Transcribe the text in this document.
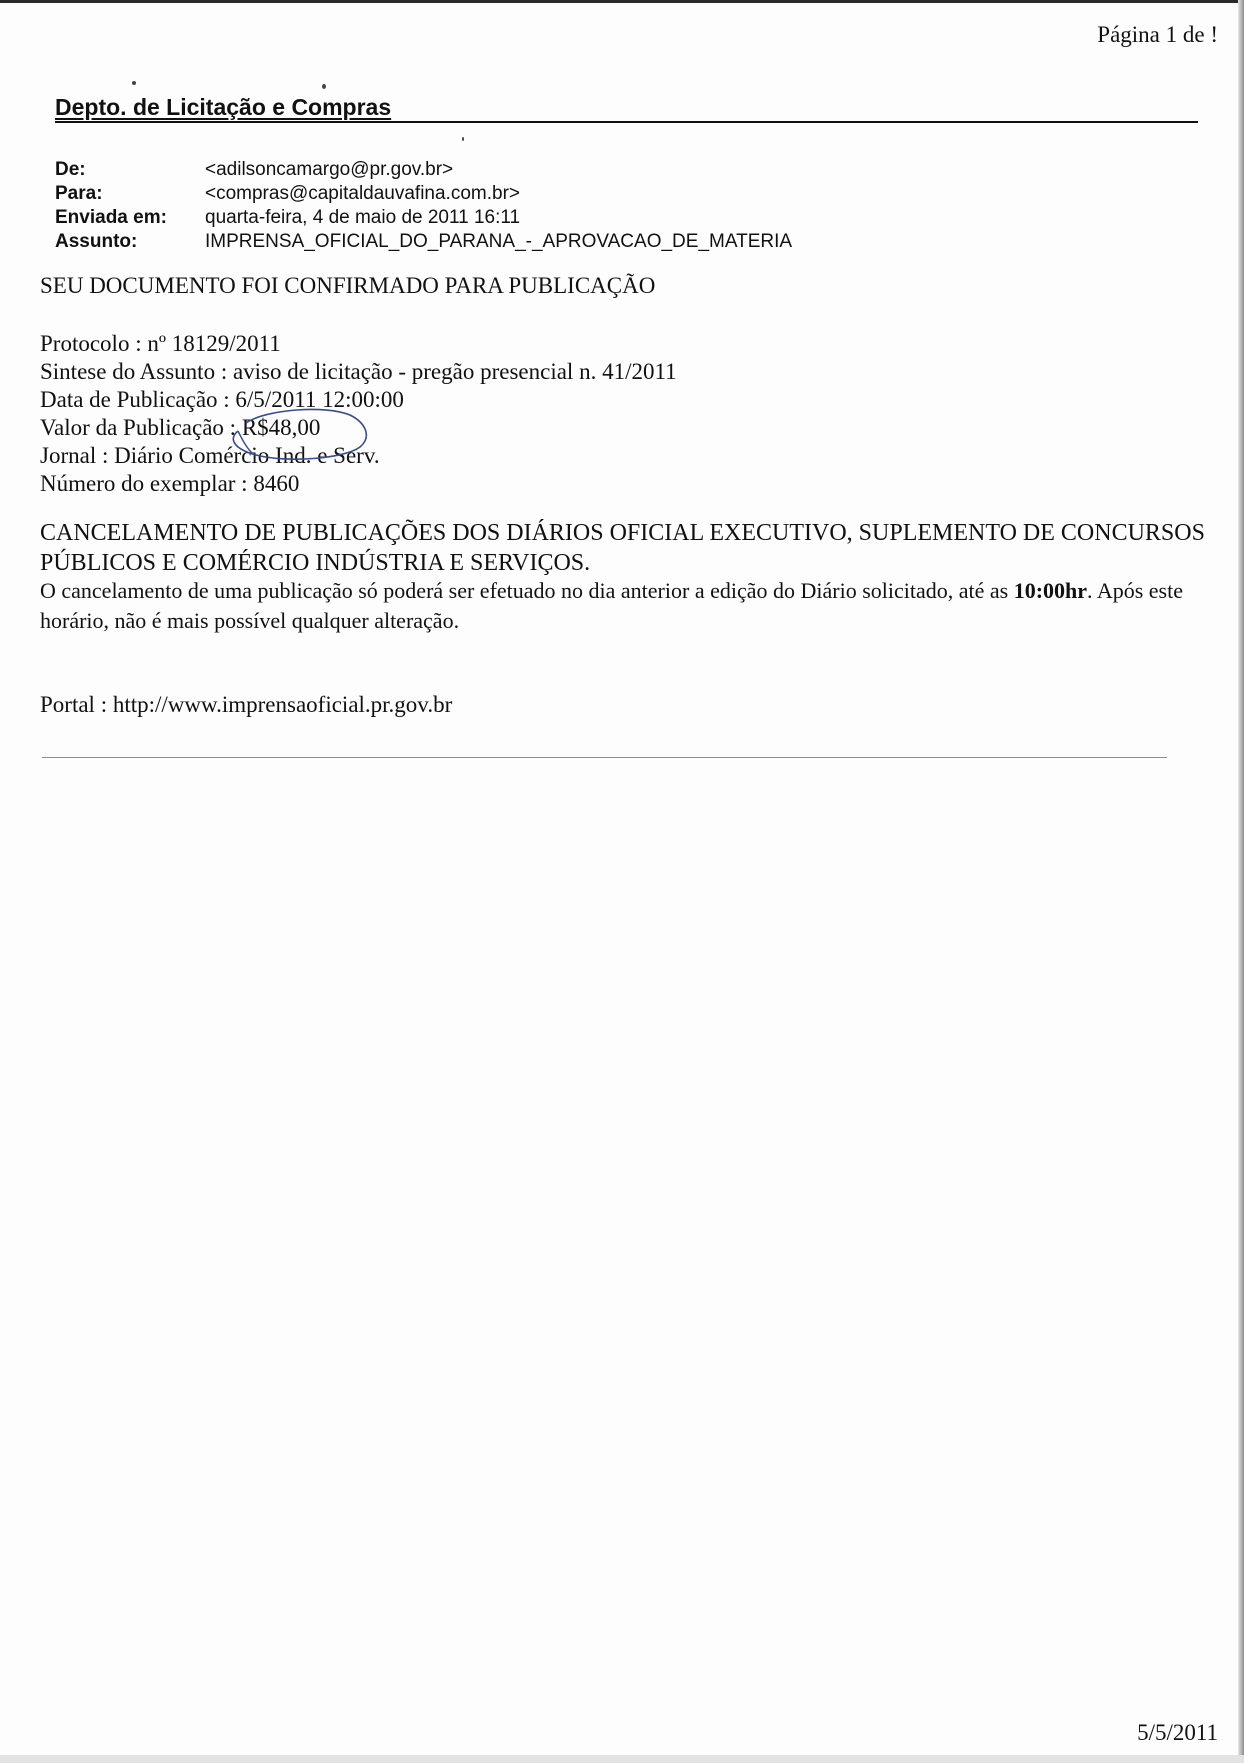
Página 1 de !
Depto. de Licitação e Compras
De:	<adilsoncamargo@pr.gov.br>
Para:	<compras@capitaldauvafina.com.br>
Enviada em:	quarta-feira, 4 de maio de 2011 16:11
Assunto:	IMPRENSA_OFICIAL_DO_PARANA_-_APROVACAO_DE_MATERIA
SEU DOCUMENTO FOI CONFIRMADO PARA PUBLICAÇÃO
Protocolo : nº 18129/2011
Sintese do Assunto : aviso de licitação - pregão presencial n. 41/2011
Data de Publicação : 6/5/2011 12:00:00
Valor da Publicação : R$48,00
Jornal : Diário Comércio Ind. e Serv.
Número do exemplar : 8460
CANCELAMENTO DE PUBLICAÇÕES DOS DIÁRIOS OFICIAL EXECUTIVO, SUPLEMENTO DE CONCURSOS PÚBLICOS E COMÉRCIO INDÚSTRIA E SERVIÇOS.
O cancelamento de uma publicação só poderá ser efetuado no dia anterior a edição do Diário solicitado, até as 10:00hr. Após este horário, não é mais possível qualquer alteração.
Portal : http://www.imprensaoficial.pr.gov.br
5/5/2011
